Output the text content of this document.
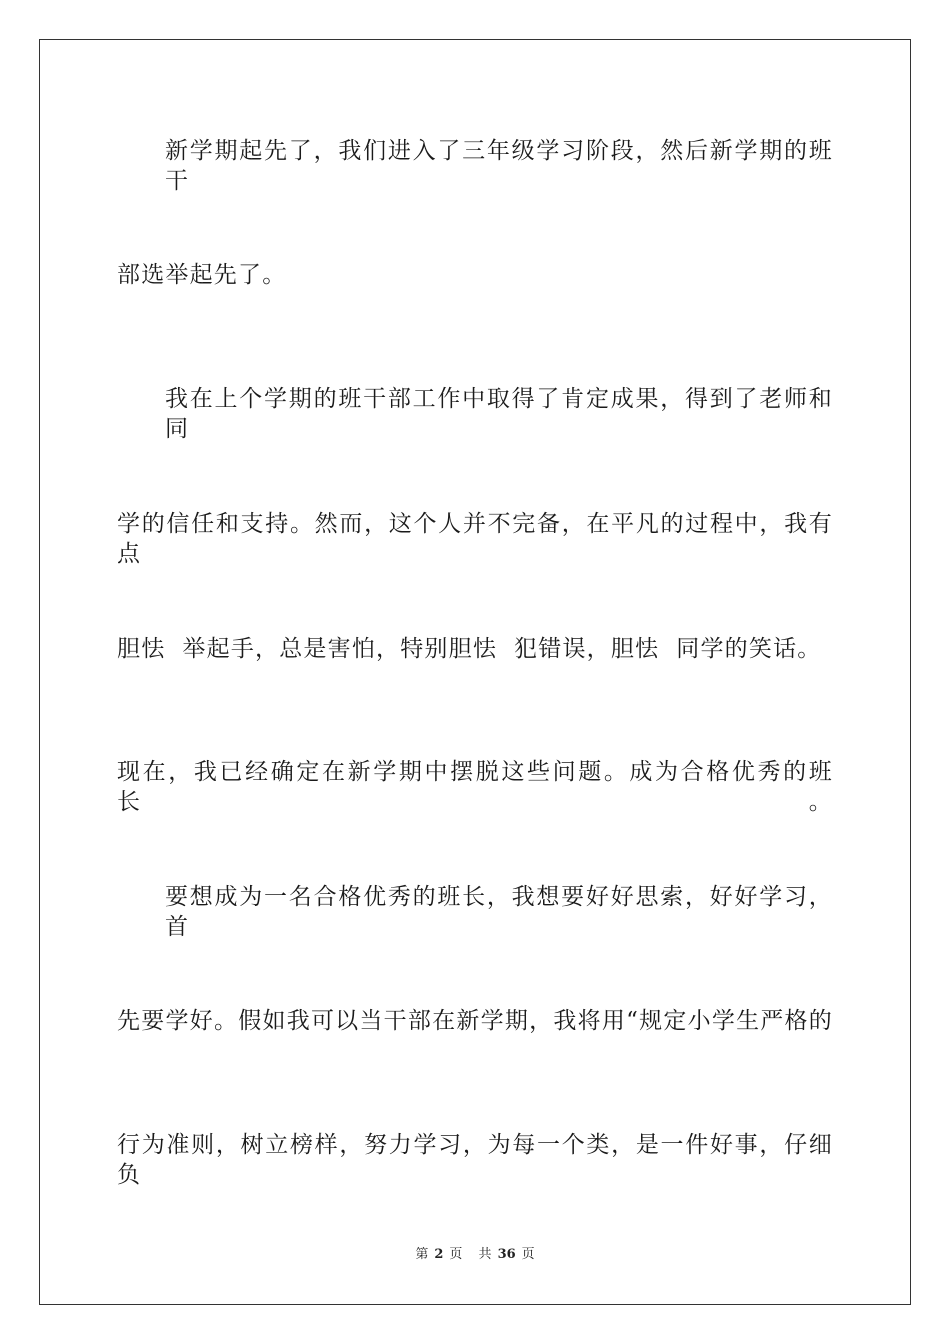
新学期起先了，我们进入了三年级学习阶段，然后新学期的班干
部选举起先了。
我在上个学期的班干部工作中取得了肯定成果，得到了老师和同
学的信任和支持。然而，这个人并不完备，在平凡的过程中，我有点
胆怯  举起手，总是害怕，特别胆怯  犯错误，胆怯  同学的笑话。
现在，我已经确定在新学期中摆脱这些问题。成为合格优秀的班长。
要想成为一名合格优秀的班长，我想要好好思索，好好学习，首
先要学好。假如我可以当干部在新学期，我将用“规定小学生严格的
行为准则，树立榜样，努力学习，为每一个类，是一件好事，仔细负
第 2 页 共 36 页
